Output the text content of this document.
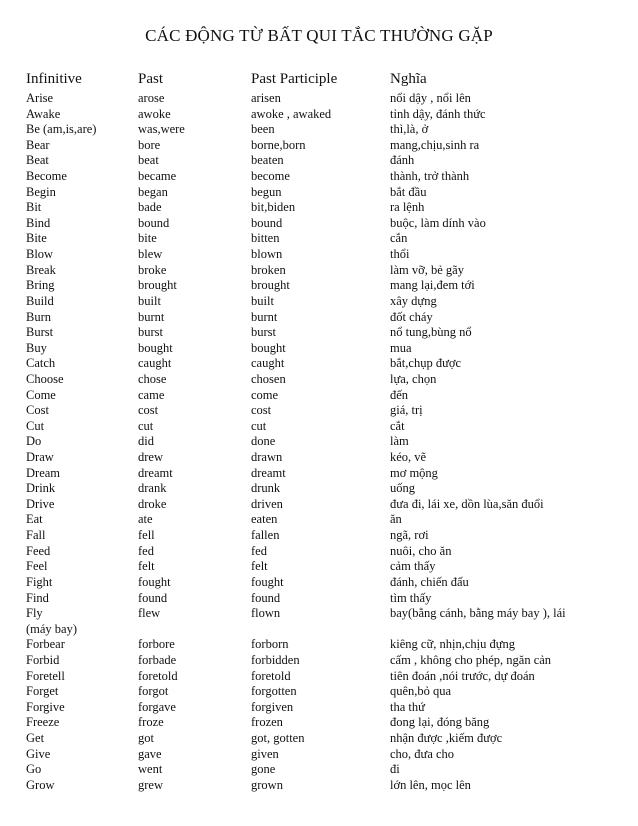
CÁC ĐỘNG TỪ BẤT QUI TẮC THƯỜNG GẶP
Infinitive	Past	Past Participle	Nghĩa
Arise	arose	arisen	nổi dậy , nổi lên
Awake	awoke	awoke , awaked	tỉnh dậy, đánh thức
Be (am,is,are)	was,were	been	thì,là, ở
Bear	bore	borne,born	mang,chịu,sinh ra
Beat	beat	beaten	đánh
Become	became	become	thành, trở thành
Begin	began	begun	bắt đầu
Bit	bade	bit,biden	ra lệnh
Bind	bound	bound	buộc, làm dính vào
Bite	bite	bitten	cắn
Blow	blew	blown	thổi
Break	broke	broken	làm vỡ, bẻ gãy
Bring	brought	brought	mang lại,đem tới
Build	built	built	xây dựng
Burn	burnt	burnt	đốt cháy
Burst	burst	burst	nổ tung,bùng nổ
Buy	bought	bought	mua
Catch	caught	caught	bắt,chụp được
Choose	chose	chosen	lựa, chọn
Come	came	come	đến
Cost	cost	cost	giá, trị
Cut	cut	cut	cắt
Do	did	done	làm
Draw	drew	drawn	kéo, vẽ
Dream	dreamt	dreamt	mơ mộng
Drink	drank	drunk	uống
Drive	droke	driven	đưa đi, lái xe, dồn lùa,săn đuổi
Eat	ate	eaten	ăn
Fall	fell	fallen	ngã, rơi
Feed	fed	fed	nuôi, cho ăn
Feel	felt	felt	cảm thấy
Fight	fought	fought	đánh, chiến đấu
Find	found	found	tìm thấy
Fly	flew	flown	bay(bằng cánh, bằng máy bay ), lái
(máy bay)
Forbear	forbore	forborn	kiêng cữ, nhịn,chịu đựng
Forbid	forbade	forbidden	cấm , không cho phép, ngăn cản
Foretell	foretold	foretold	tiên đoán ,nói trước, dự đoán
Forget	forgot	forgotten	quên,bỏ qua
Forgive	forgave	forgiven	tha thứ
Freeze	froze	frozen	đong lại, đóng băng
Get	got	got, gotten	nhận được ,kiếm được
Give	gave	given	cho, đưa cho
Go	went	gone	đi
Grow	grew	grown	lớn lên, mọc lên
